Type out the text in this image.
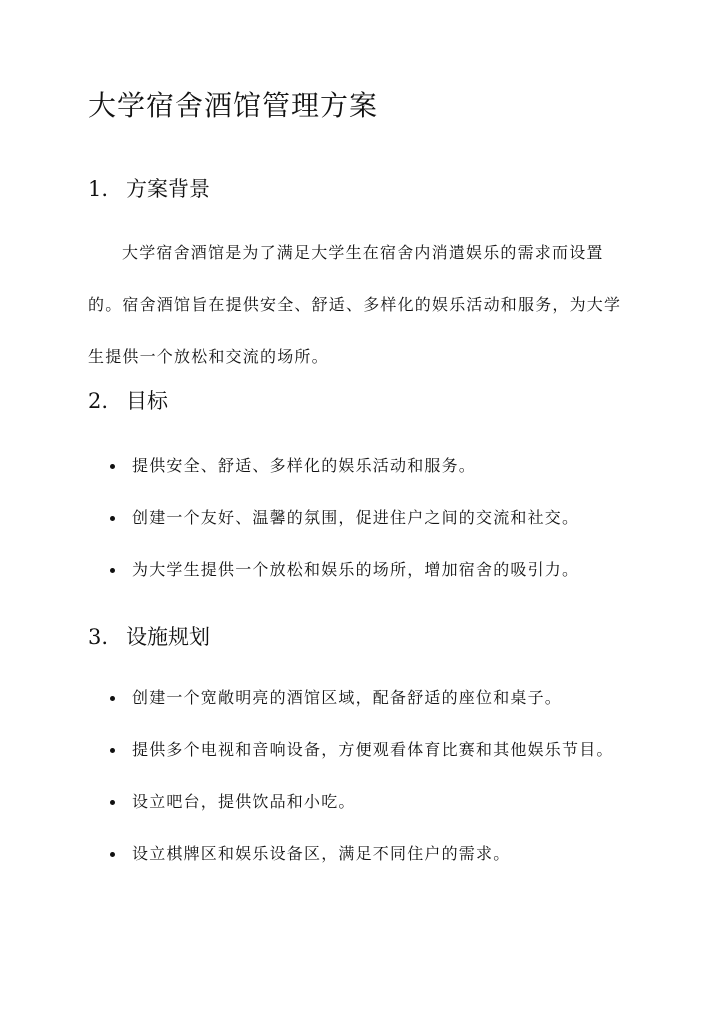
大学宿舍酒馆管理方案
1. 方案背景

大学宿舍酒馆是为了满足大学生在宿舍内消遣娱乐的需求而设置的。宿舍酒馆旨在提供安全、舒适、多样化的娱乐活动和服务，为大学生提供一个放松和交流的场所。

2. 目标
提供安全、舒适、多样化的娱乐活动和服务。
创建一个友好、温馨的氛围，促进住户之间的交流和社交。
为大学生提供一个放松和娱乐的场所，增加宿舍的吸引力。
3. 设施规划
创建一个宽敞明亮的酒馆区域，配备舒适的座位和桌子。
提供多个电视和音响设备，方便观看体育比赛和其他娱乐节目。
设立吧台，提供饮品和小吃。
设立棋牌区和娱乐设备区，满足不同住户的需求。
